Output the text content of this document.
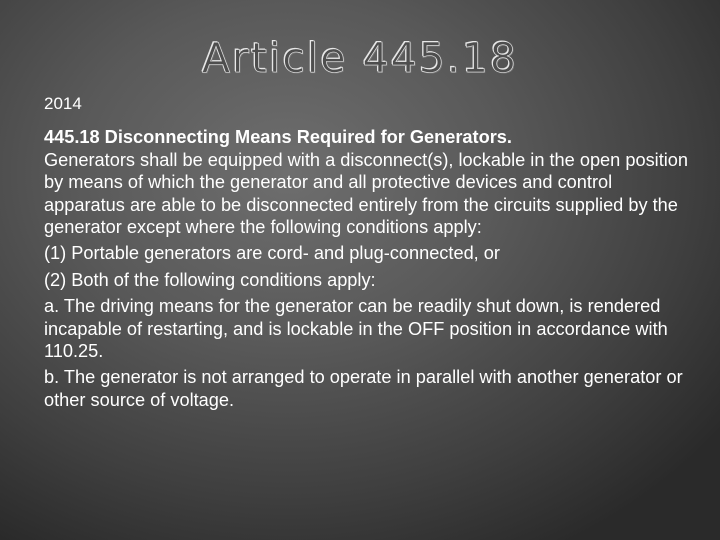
Article 445.18
2014
445.18 Disconnecting Means Required for Generators.

Generators shall be equipped with a disconnect(s), lockable in the open position by means of which the generator and all protective devices and control apparatus are able to be disconnected entirely from the circuits supplied by the generator except where the following conditions apply:

(1) Portable generators are cord- and plug-connected, or

(2) Both of the following conditions apply:

a. The driving means for the generator can be readily shut down, is rendered incapable of restarting, and is lockable in the OFF position in accordance with 110.25.

b. The generator is not arranged to operate in parallel with another generator or other source of voltage.
